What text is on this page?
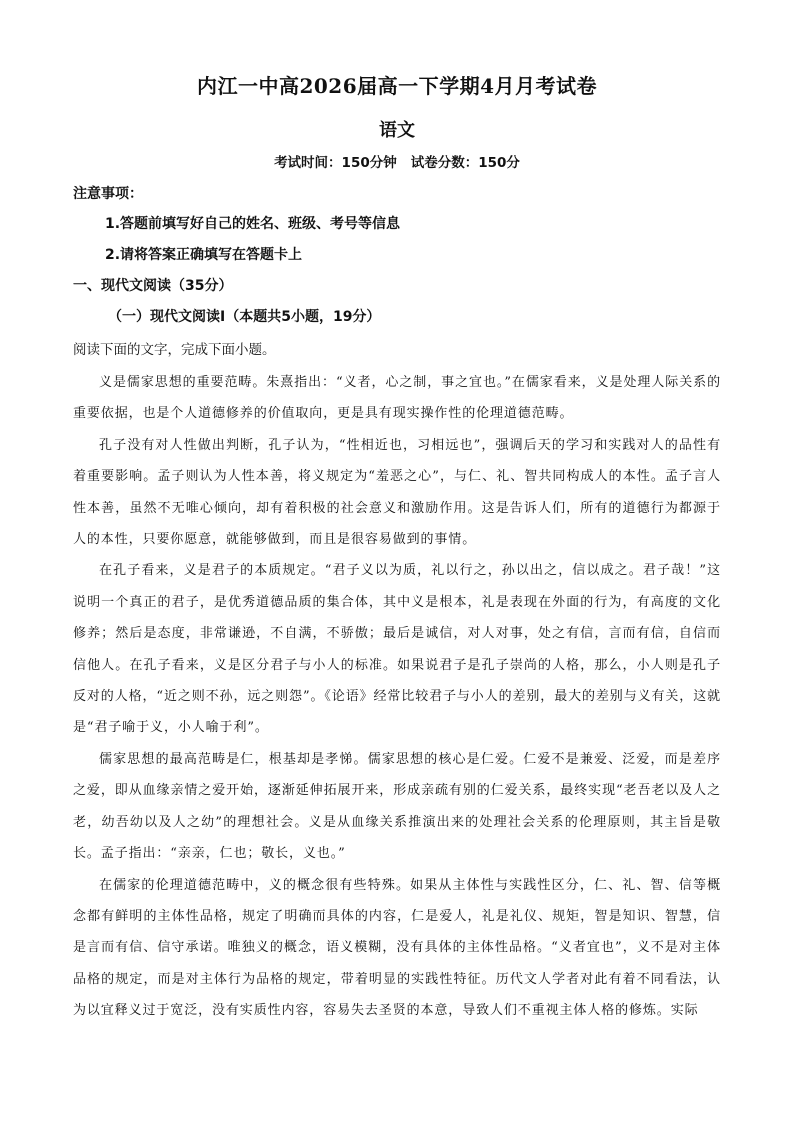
内江一中高2026届高一下学期4月月考试卷
语文
考试时间：150分钟 试卷分数：150分
注意事项：
1.答题前填写好自己的姓名、班级、考号等信息
2.请将答案正确填写在答题卡上
一、现代文阅读（35分）
（一）现代文阅读Ⅰ（本题共5小题，19分）
阅读下面的文字，完成下面小题。

义是儒家思想的重要范畴。朱熹指出：“义者，心之制，事之宜也。”在儒家看来，义是处理人际关系的重要依据，也是个人道德修养的价值取向，更是具有现实操作性的伦理道德范畴。

孔子没有对人性做出判断，孔子认为，“性相近也，习相远也”，强调后天的学习和实践对人的品性有着重要影响。孟子则认为人性本善，将义规定为“羞恶之心”，与仁、礼、智共同构成人的本性。孟子言人性本善，虽然不无唯心倾向，却有着积极的社会意义和激励作用。这是告诉人们，所有的道德行为都源于人的本性，只要你愿意，就能够做到，而且是很容易做到的事情。

在孔子看来，义是君子的本质规定。“君子义以为质，礼以行之，孙以出之，信以成之。君子哉！”这说明一个真正的君子，是优秀道德品质的集合体，其中义是根本，礼是表现在外面的行为，有高度的文化修养；然后是态度，非常谦逊，不自满，不骄傲；最后是诚信，对人对事，处之有信，言而有信，自信而信他人。在孔子看来，义是区分君子与小人的标准。如果说君子是孔子崇尚的人格，那么，小人则是孔子反对的人格，“近之则不孙，远之则怨”。《论语》经常比较君子与小人的差别，最大的差别与义有关，这就是“君子喻于义，小人喻于利”。

儒家思想的最高范畴是仁，根基却是孝悌。儒家思想的核心是仁爱。仁爱不是兼爱、泛爱，而是差序之爱，即从血缘亲情之爱开始，逐渐延伸拓展开来，形成亲疏有别的仁爱关系，最终实现“老吾老以及人之老，幼吾幼以及人之幼”的理想社会。义是从血缘关系推演出来的处理社会关系的伦理原则，其主旨是敬长。孟子指出：“亲亲，仁也；敬长，义也。”

在儒家的伦理道德范畴中，义的概念很有些特殊。如果从主体性与实践性区分，仁、礼、智、信等概念都有鲜明的主体性品格，规定了明确而具体的内容，仁是爱人，礼是礼仪、规矩，智是知识、智慧，信是言而有信、信守承诺。唯独义的概念，语义模糊，没有具体的主体性品格。“义者宜也”，义不是对主体品格的规定，而是对主体行为品格的规定，带着明显的实践性特征。历代文人学者对此有着不同看法，认为以宜释义过于宽泛，没有实质性内容，容易失去圣贤的本意，导致人们不重视主体人格的修炼。实际
